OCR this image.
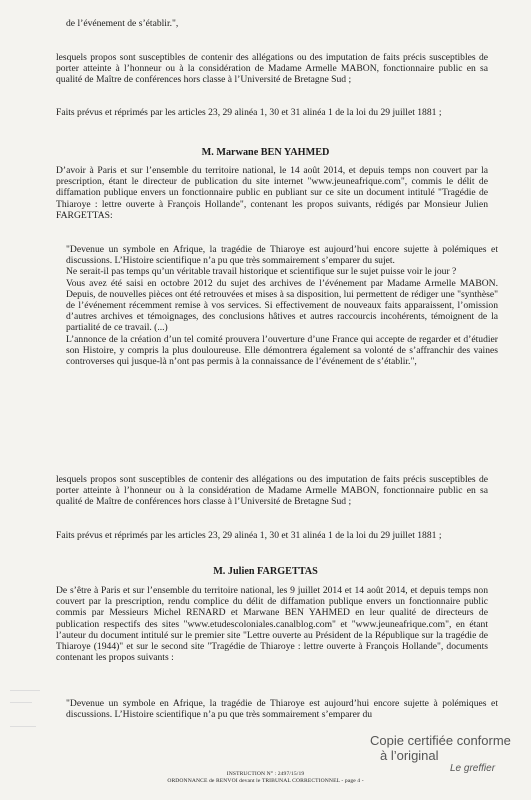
de l’événement de s’établir.",

lesquels propos sont susceptibles de contenir des allégations ou des imputation de faits précis susceptibles de porter atteinte à l’honneur ou à la considération de Madame Armelle MABON, fonctionnaire public en sa qualité de Maître de conférences hors classe à l’Université de Bretagne Sud ;

Faits prévus et réprimés par les articles 23, 29 alinéa 1, 30 et 31 alinéa 1 de la loi du 29 juillet 1881 ;

M. Marwane BEN YAHMED

D’avoir à Paris et sur l’ensemble du territoire national, le 14 août 2014, et depuis temps non couvert par la prescription, étant le directeur de publication du site internet "www.jeuneafrique.com", commis le délit de diffamation publique envers un fonctionnaire public en publiant sur ce site un document intitulé "Tragédie de Thiaroye : lettre ouverte à François Hollande", contenant les propos suivants, rédigés par Monsieur Julien FARGETTAS:

"Devenue un symbole en Afrique, la tragédie de Thiaroye est aujourd’hui encore sujette à polémiques et discussions. L’Histoire scientifique n’a pu que très sommairement s’emparer du sujet.

Ne serait-il pas temps qu’un véritable travail historique et scientifique sur le sujet puisse voir le jour ?

Vous avez été saisi en octobre 2012 du sujet des archives de l’événement par Madame Armelle MABON. Depuis, de nouvelles pièces ont été retrouvées et mises à sa disposition, lui permettent de rédiger une "synthèse" de l’événement récemment remise à vos services. Si effectivement de nouveaux faits apparaissent, l’omission d’autres archives et témoignages, des conclusions hâtives et autres raccourcis incohérents, témoignent de la partialité de ce travail. (...)

L’annonce de la création d’un tel comité prouvera l’ouverture d’une France qui accepte de regarder et d’étudier son Histoire, y compris la plus douloureuse. Elle démontrera également sa volonté de s’affranchir des vaines controverses qui jusque-là n’ont pas permis à la connaissance de l’événement de s’établir.",

lesquels propos sont susceptibles de contenir des allégations ou des imputation de faits précis susceptibles de porter atteinte à l’honneur ou à la considération de Madame Armelle MABON, fonctionnaire public en sa qualité de Maître de conférences hors classe à l’Université de Bretagne Sud ;

Faits prévus et réprimés par les articles 23, 29 alinéa 1, 30 et 31 alinéa 1 de la loi du 29 juillet 1881 ;

M. Julien FARGETTAS

De s’être à Paris et sur l’ensemble du territoire national, les 9 juillet 2014 et 14 août 2014, et depuis temps non couvert par la prescription, rendu complice du délit de diffamation publique envers un fonctionnaire public commis par Messieurs Michel RENARD et Marwane BEN YAHMED en leur qualité de directeurs de publication respectifs des sites "www.etudescoloniales.canalblog.com" et "www.jeuneafrique.com", en étant l’auteur du document intitulé sur le premier site "Lettre ouverte au Président de la République sur la tragédie de Thiaroye (1944)" et sur le second site "Tragédie de Thiaroye : lettre ouverte à François Hollande", documents contenant les propos suivants :

"Devenue un symbole en Afrique, la tragédie de Thiaroye est aujourd’hui encore sujette à polémiques et discussions. L’Histoire scientifique n’a pu que très sommairement s’emparer du

INSTRUCTION N° : 2497/15/19
ORDONNANCE de RENVOI devant le TRIBUNAL CORRECTIONNEL - page 4 -
Copie certifiée conforme
à l’original
Le greffier
